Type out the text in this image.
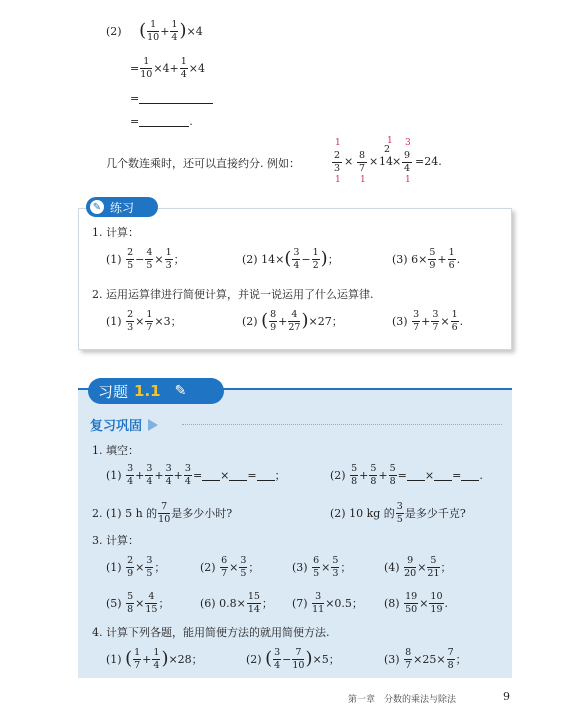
(2)
( $\frac{1}{10} + \frac{1}{4}$ ) ×4
= $\frac{1}{10} \times 4 + \frac{1}{4} \times 4$
=
=	.
几个数连乘时，还可以直接约分. 例如：
1
2
3
1
× 8
7
1
×
1
2
14 ×
3
9
4
1
=24.
✎ 练习
1. 计算：
(1)
$\frac{2}{5} - \frac{4}{5} \times \frac{1}{3}$ ；	(2)
14× ( $\frac{3}{4} - \frac{1}{2}$ ) ；	(3)
$6\times \frac{5}{9} + \frac{1}{6}$ .
2. 运用运算律进行简便计算，并说一说运用了什么运算律.
(1)
$\frac{2}{3} \times \frac{1}{7} \times 3$；	(2)
( $\frac{8}{9} + \frac{4}{27}$ ) ×27；	(3)
$\frac{3}{7} + \frac{3}{7} \times \frac{1}{6}$ .
习题 1.1 ✎
复习巩固
1. 填空：
(1)
$\frac{3}{4} + \frac{3}{4} + \frac{3}{4} + \frac{3}{4}$ = × = ；	(2)
$\frac{5}{8} + \frac{5}{8} + \frac{5}{8}$ = × = .
2. (1)
5 h 的 $\frac{7}{10}$ 是多少小时?	(2)
10 kg 的 $\frac{3}{5}$ 是多少千克?
3. 计算：
(1)
$\frac{2}{9} \times \frac{3}{5}$ ；	(2)
$\frac{6}{7} \times \frac{3}{5}$ ；	(3)
$\frac{6}{5} \times \frac{5}{3}$ ；	(4)
$\frac{9}{20} \times \frac{5}{21}$ ；
(5)
$\frac{5}{8} \times \frac{4}{15}$ ；	(6)
$0.8\times \frac{15}{14}$ ； (7)
$\frac{3}{11} \times 0.5$； (8)
$\frac{19}{50} \times \frac{10}{19}$ .
4. 计算下列各题，能用简便方法的就用简便方法.
(1)
( $\frac{1}{7} + \frac{1}{4}$ ) ×28；	(2)
( $\frac{3}{4} - \frac{7}{10}$ ) ×5；	(3)
$\frac{8}{7} \times 25\times \frac{7}{8}$ ；
第一章　分数的乘法与除法	9
